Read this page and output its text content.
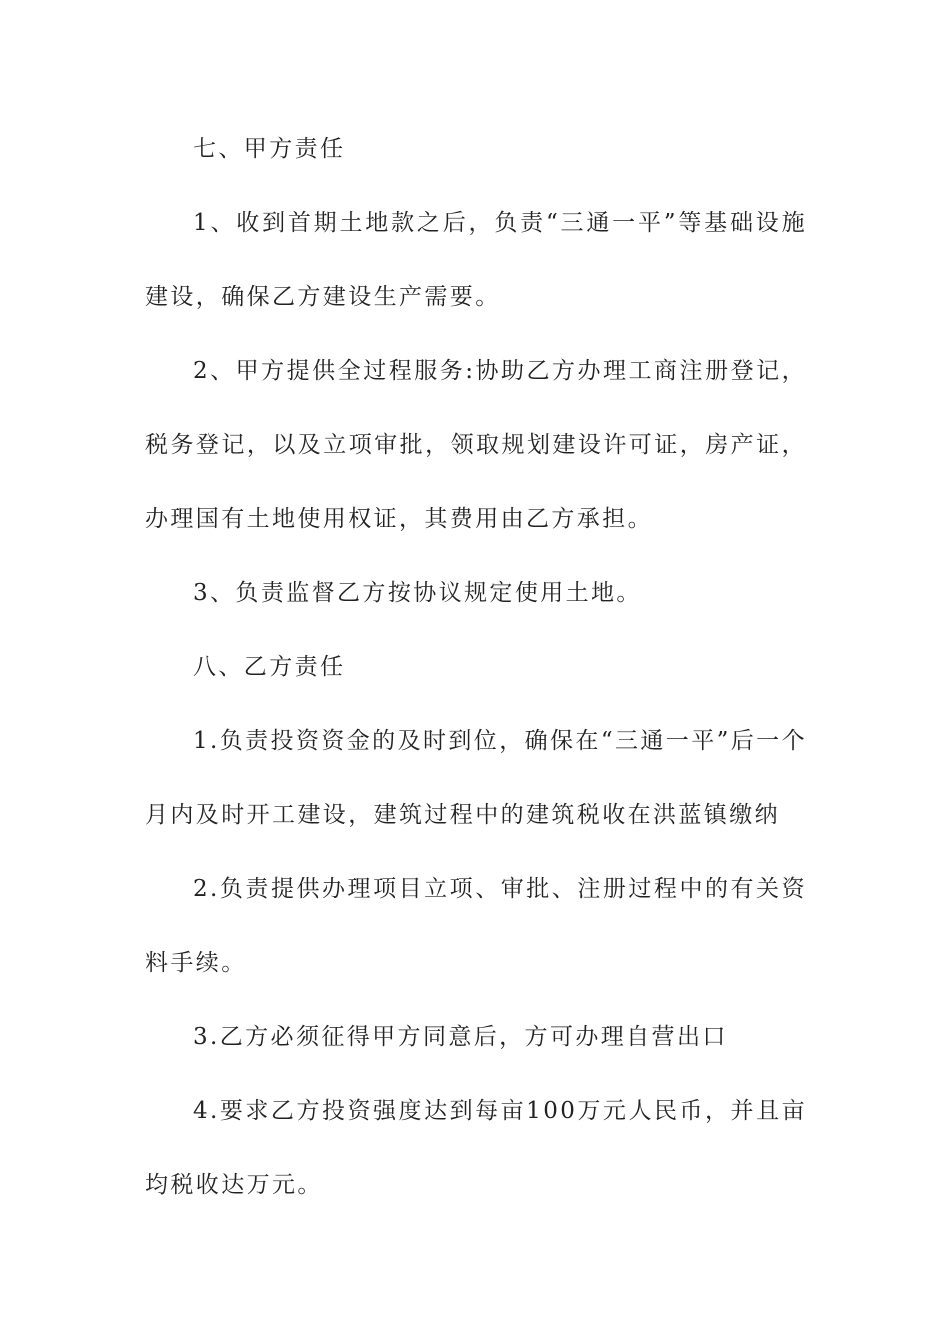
七、甲方责任

1、收到首期土地款之后，负责“三通一平”等基础设施建设，确保乙方建设生产需要。

2、甲方提供全过程服务:协助乙方办理工商注册登记，税务登记，以及立项审批，领取规划建设许可证，房产证，办理国有土地使用权证，其费用由乙方承担。

3、负责监督乙方按协议规定使用土地。

八、乙方责任

1.负责投资资金的及时到位，确保在“三通一平”后一个月内及时开工建设，建筑过程中的建筑税收在洪蓝镇缴纳

2.负责提供办理项目立项、审批、注册过程中的有关资料手续。

3.乙方必须征得甲方同意后，方可办理自营出口

4.要求乙方投资强度达到每亩100万元人民币，并且亩均税收达万元。
